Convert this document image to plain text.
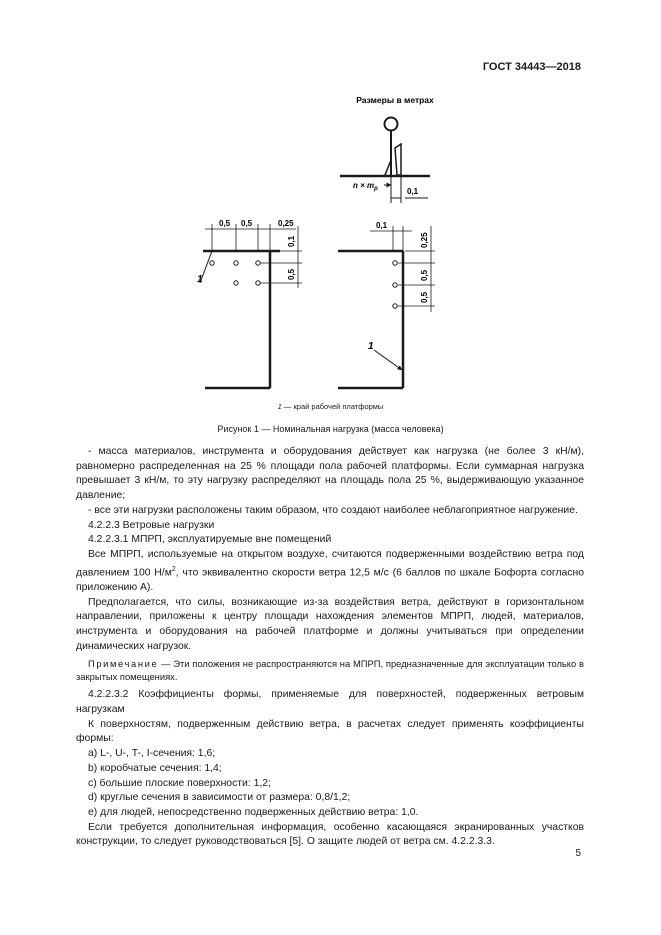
ГОСТ 34443—2018
Размеры в метрах
$n \times m_p$	0,1
0,5 0,5	0,25
0,1
0,5
1
0,1
0,25
0,5
0,5
1
1 — край рабочей платформы
Рисунок 1 — Номинальная нагрузка (масса человека)

- масса материалов, инструмента и оборудования действует как нагрузка (не более 3 кН/м), равномерно распределенная на 25 % площади пола рабочей платформы. Если суммарная нагрузка превышает 3 кН/м, то эту нагрузку распределяют на площадь пола 25 %, выдерживающую указанное давление;

- все эти нагрузки расположены таким образом, что создают наиболее неблагоприятное нагружение.

4.2.2.3 Ветровые нагрузки

4.2.2.3.1 МПРП, эксплуатируемые вне помещений

Все МПРП, используемые на открытом воздухе, считаются подверженными воздействию ветра под давлением 100 $Н/м^2$, что эквивалентно скорости ветра 12,5 м/с (6 баллов по шкале Бофорта согласно приложению А).

Предполагается, что силы, возникающие из-за воздействия ветра, действуют в горизонтальном направлении, приложены к центру площади нахождения элементов МПРП, людей, материалов, инструмента и оборудования на рабочей платформе и должны учитываться при определении динамических нагрузок.

Примечание — Эти положения не распространяются на МПРП, предназначенные для эксплуатации только в закрытых помещениях.

4.2.2.3.2 Коэффициенты формы, применяемые для поверхностей, подверженных ветровым нагрузкам

К поверхностям, подверженным действию ветра, в расчетах следует применять коэффициенты формы:

a) L-, U-, T-, I-сечения: 1,6;

b) коробчатые сечения: 1,4;

c) большие плоские поверхности: 1,2;

d) круглые сечения в зависимости от размера: 0,8/1,2;

e) для людей, непосредственно подверженных действию ветра: 1,0.

Если требуется дополнительная информация, особенно касающаяся экранированных участков конструкции, то следует руководствоваться [5]. О защите людей от ветра см. 4.2.2.3.3.

5
